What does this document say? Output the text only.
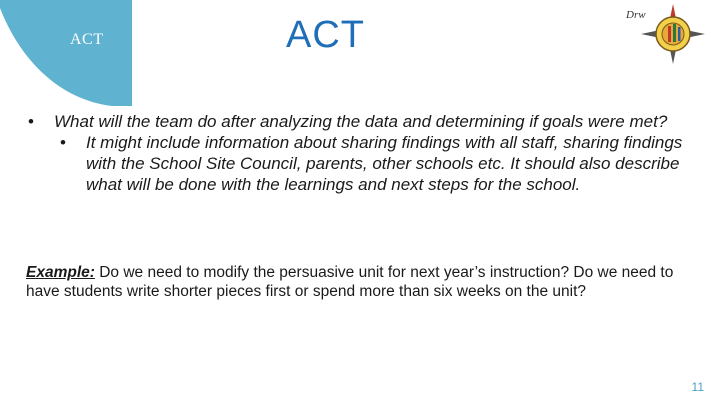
ACT	ACT	Drw
• What will the team do after analyzing the data and determining if goals were met?
• It might include information about sharing findings with all staff, sharing findings with the School Site Council, parents, other schools etc. It should also describe what will be done with the learnings and next steps for the school.
Example: Do we need to modify the persuasive unit for next year’s instruction? Do we need to have students write shorter pieces first or spend more than six weeks on the unit?
11
